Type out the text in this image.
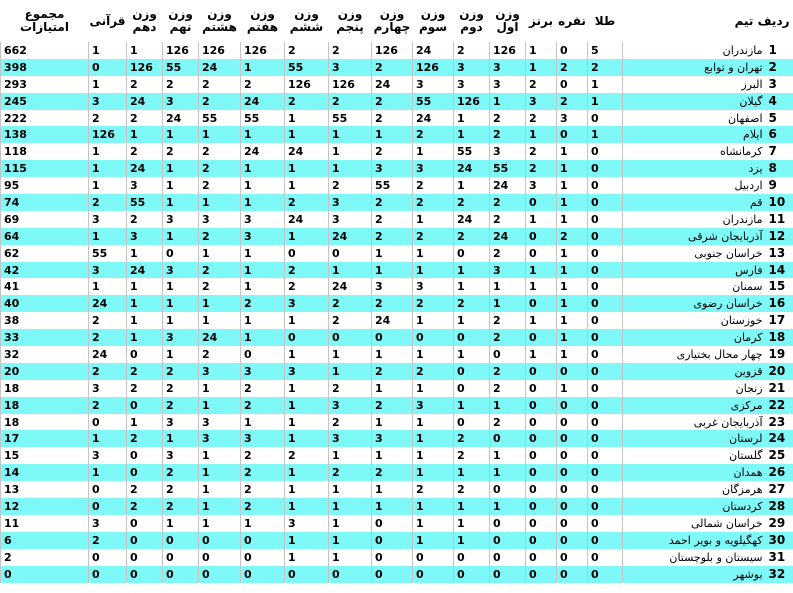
ردیف تیم		طلا	نقره	برنز	وزن اول	وزن دوم	وزن سوم	وزن چهارم	وزن پنجم	وزن ششم	وزن هفتم	وزن هشتم	وزن نهم	وزن دهم	قرآنی	مجموع امتیازات
1	مازندران	5	0	1	126	2	24	126	2	2	126	126	126	1	1	662
2	تهران و توابع	2	2	1	3	3	126	2	3	55	1	24	55	126	0	398
3	البرز	1	0	2	3	3	3	24	126	126	2	2	2	2	1	293
4	گیلان	1	2	3	1	126	55	2	2	2	24	2	3	24	3	245
5	اصفهان	0	3	2	2	1	24	2	55	1	55	55	24	2	2	222
6	ایلام	1	0	1	2	1	2	1	1	1	1	1	1	1	126	138
7	کرمانشاه	0	1	2	3	55	1	2	1	24	24	2	2	2	1	118
8	یزد	0	1	2	55	24	3	3	1	1	1	2	1	24	1	115
9	اردبیل	0	1	3	24	1	2	55	2	1	1	2	1	3	1	95
10	قم	0	1	0	2	2	2	2	3	2	1	1	1	55	2	74
11	مازندران	0	1	1	2	24	1	2	3	24	3	3	3	2	3	69
12	آذربایجان شرقی	0	2	0	24	2	2	2	24	1	3	2	1	3	1	64
13	خراسان جنوبی	0	1	0	2	0	1	1	0	0	1	1	0	1	55	62
14	فارس	0	1	1	3	1	1	1	1	2	1	2	3	24	3	42
15	سمنان	0	1	1	1	1	3	3	24	2	1	2	1	1	1	41
16	خراسان رضوی	0	1	0	1	2	2	2	2	3	2	1	1	1	24	40
17	خوزستان	0	1	1	2	1	1	24	2	1	1	1	1	1	2	38
18	کرمان	0	1	0	2	0	0	0	0	0	1	24	3	1	2	33
19	چهار محال بختیاری	0	1	1	0	1	1	1	1	1	0	2	1	0	24	32
20	قزوین	0	0	0	2	0	2	2	1	3	3	3	2	2	2	20
21	زنجان	0	1	0	2	0	1	1	2	1	2	1	2	2	3	18
22	مرکزی	0	0	0	1	1	3	2	3	1	2	1	2	0	2	18
23	آذربایجان غربی	0	0	0	2	0	1	1	2	1	1	3	3	1	0	18
24	لرستان	0	0	0	0	2	1	3	3	1	3	3	1	2	1	17
25	گلستان	0	0	0	1	2	1	1	1	2	2	1	3	0	3	15
26	همدان	0	0	0	1	1	1	2	2	1	2	1	2	0	1	14
27	هرمزگان	0	0	0	0	2	2	1	1	1	2	1	2	2	0	13
28	کردستان	0	0	0	1	1	1	1	1	1	2	1	2	2	0	12
29	خراسان شمالی	0	0	0	0	1	1	0	1	3	1	1	1	0	3	11
30	کهگیلویه و بویر احمد	0	0	0	0	1	1	0	1	1	0	0	0	0	2	6
31	سیستان و بلوچستان	0	0	0	0	0	0	0	1	1	0	0	0	0	0	2
32	بوشهر	0	0	0	0	0	0	0	0	0	0	0	0	0	0	0
